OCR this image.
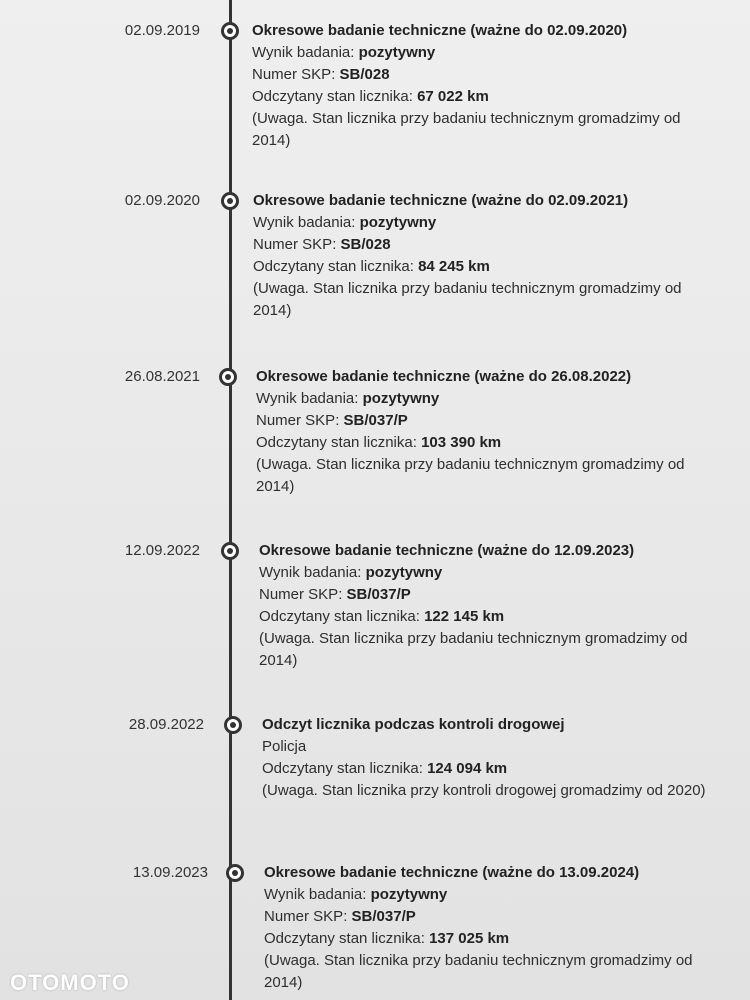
02.09.2019	Okresowe badanie techniczne (ważne do 02.09.2020)
Wynik badania: pozytywny
Numer SKP: SB/028
Odczytany stan licznika: 67 022 km
(Uwaga. Stan licznika przy badaniu technicznym gromadzimy od 2014)
02.09.2020	Okresowe badanie techniczne (ważne do 02.09.2021)
Wynik badania: pozytywny
Numer SKP: SB/028
Odczytany stan licznika: 84 245 km
(Uwaga. Stan licznika przy badaniu technicznym gromadzimy od 2014)
26.08.2021	Okresowe badanie techniczne (ważne do 26.08.2022)
Wynik badania: pozytywny
Numer SKP: SB/037/P
Odczytany stan licznika: 103 390 km
(Uwaga. Stan licznika przy badaniu technicznym gromadzimy od 2014)
12.09.2022	Okresowe badanie techniczne (ważne do 12.09.2023)
Wynik badania: pozytywny
Numer SKP: SB/037/P
Odczytany stan licznika: 122 145 km
(Uwaga. Stan licznika przy badaniu technicznym gromadzimy od 2014)
28.09.2022	Odczyt licznika podczas kontroli drogowej
Policja
Odczytany stan licznika: 124 094 km
(Uwaga. Stan licznika przy kontroli drogowej gromadzimy od 2020)
13.09.2023	Okresowe badanie techniczne (ważne do 13.09.2024)
Wynik badania: pozytywny
Numer SKP: SB/037/P
Odczytany stan licznika: 137 025 km
(Uwaga. Stan licznika przy badaniu technicznym gromadzimy od 2014)
OTOMOTO
